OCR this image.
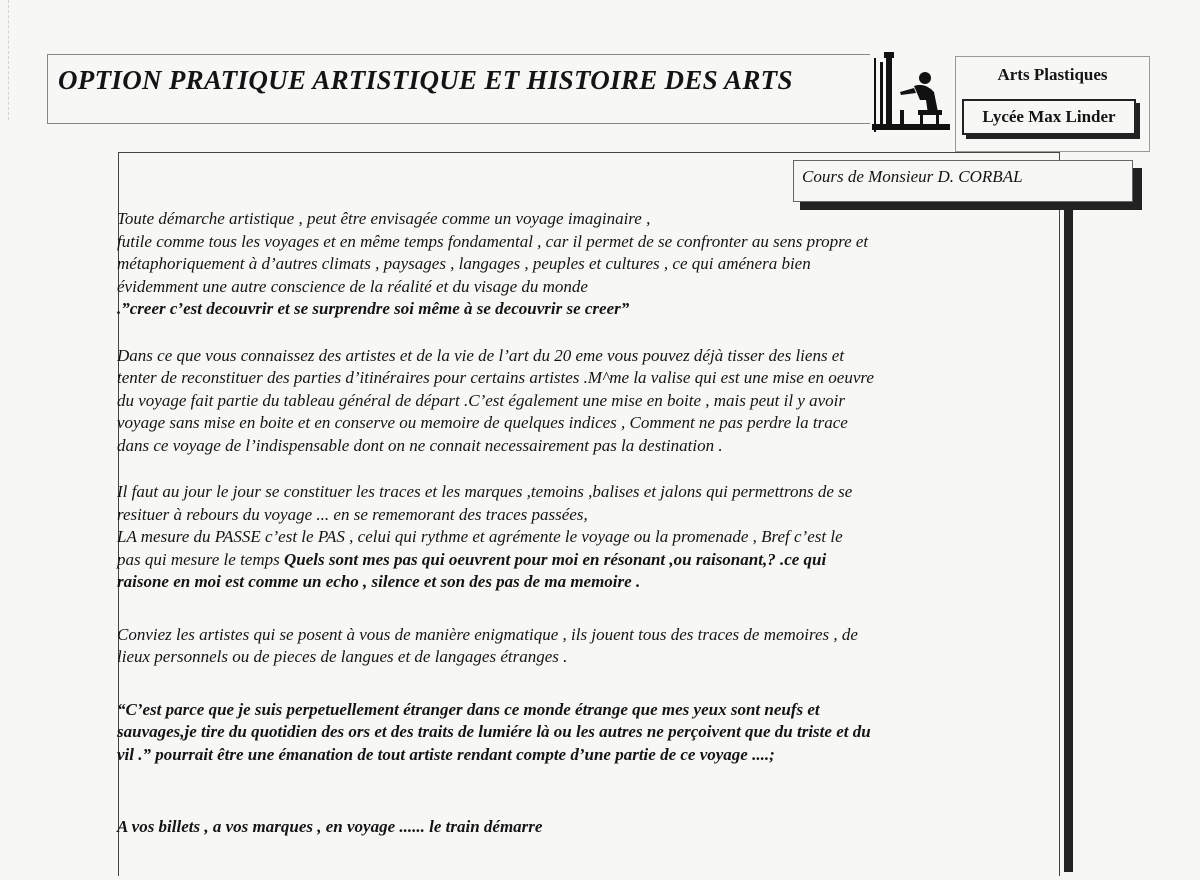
OPTION PRATIQUE ARTISTIQUE ET HISTOIRE DES ARTS	Arts Plastiques
Lycée Max Linder
Cours de Monsieur D. CORBAL

Toute démarche artistique , peut être envisagée comme un voyage imaginaire ,
futile comme tous les voyages et en même temps fondamental , car il permet de se confronter au sens propre et
métaphoriquement à d’autres climats , paysages , langages , peuples et cultures , ce qui aménera bien
évidemment une autre conscience de la réalité et du visage du monde
.”creer c’est decouvrir et se surprendre soi même à se decouvrir se creer”

Dans ce que vous connaissez des artistes et de la vie de l’art du 20 eme vous pouvez déjà tisser des liens et
tenter de reconstituer des parties d’itinéraires pour certains artistes .M^me la valise qui est une mise en oeuvre
du voyage fait partie du tableau général de départ .C’est également une mise en boite , mais peut il y avoir
voyage sans mise en boite et en conserve ou memoire de quelques indices , Comment ne pas perdre la trace
dans ce voyage de l’indispensable dont on ne connait necessairement pas la destination .

Il faut au jour le jour se constituer les traces et les marques ,temoins ,balises et jalons qui permettrons de se
resituer à rebours du voyage ... en se rememorant des traces passées,
LA mesure du PASSE c’est le PAS , celui qui rythme et agrémente le voyage ou la promenade , Bref c’est le
pas qui mesure le temps Quels sont mes pas qui oeuvrent pour moi en résonant ,ou raisonant,? .ce qui
raisone en moi est comme un echo , silence et son des pas de ma memoire .

Conviez les artistes qui se posent à vous de manière enigmatique , ils jouent tous des traces de memoires , de
lieux personnels ou de pieces de langues et de langages étranges .

“C’est parce que je suis perpetuellement étranger dans ce monde étrange que mes yeux sont neufs et
sauvages,je tire du quotidien des ors et des traits de lumiére là ou les autres ne perçoivent que du triste et du
vil .” pourrait être une émanation de tout artiste rendant compte d’une partie de ce voyage ....;

A vos billets , a vos marques , en voyage ...... le train démarre
